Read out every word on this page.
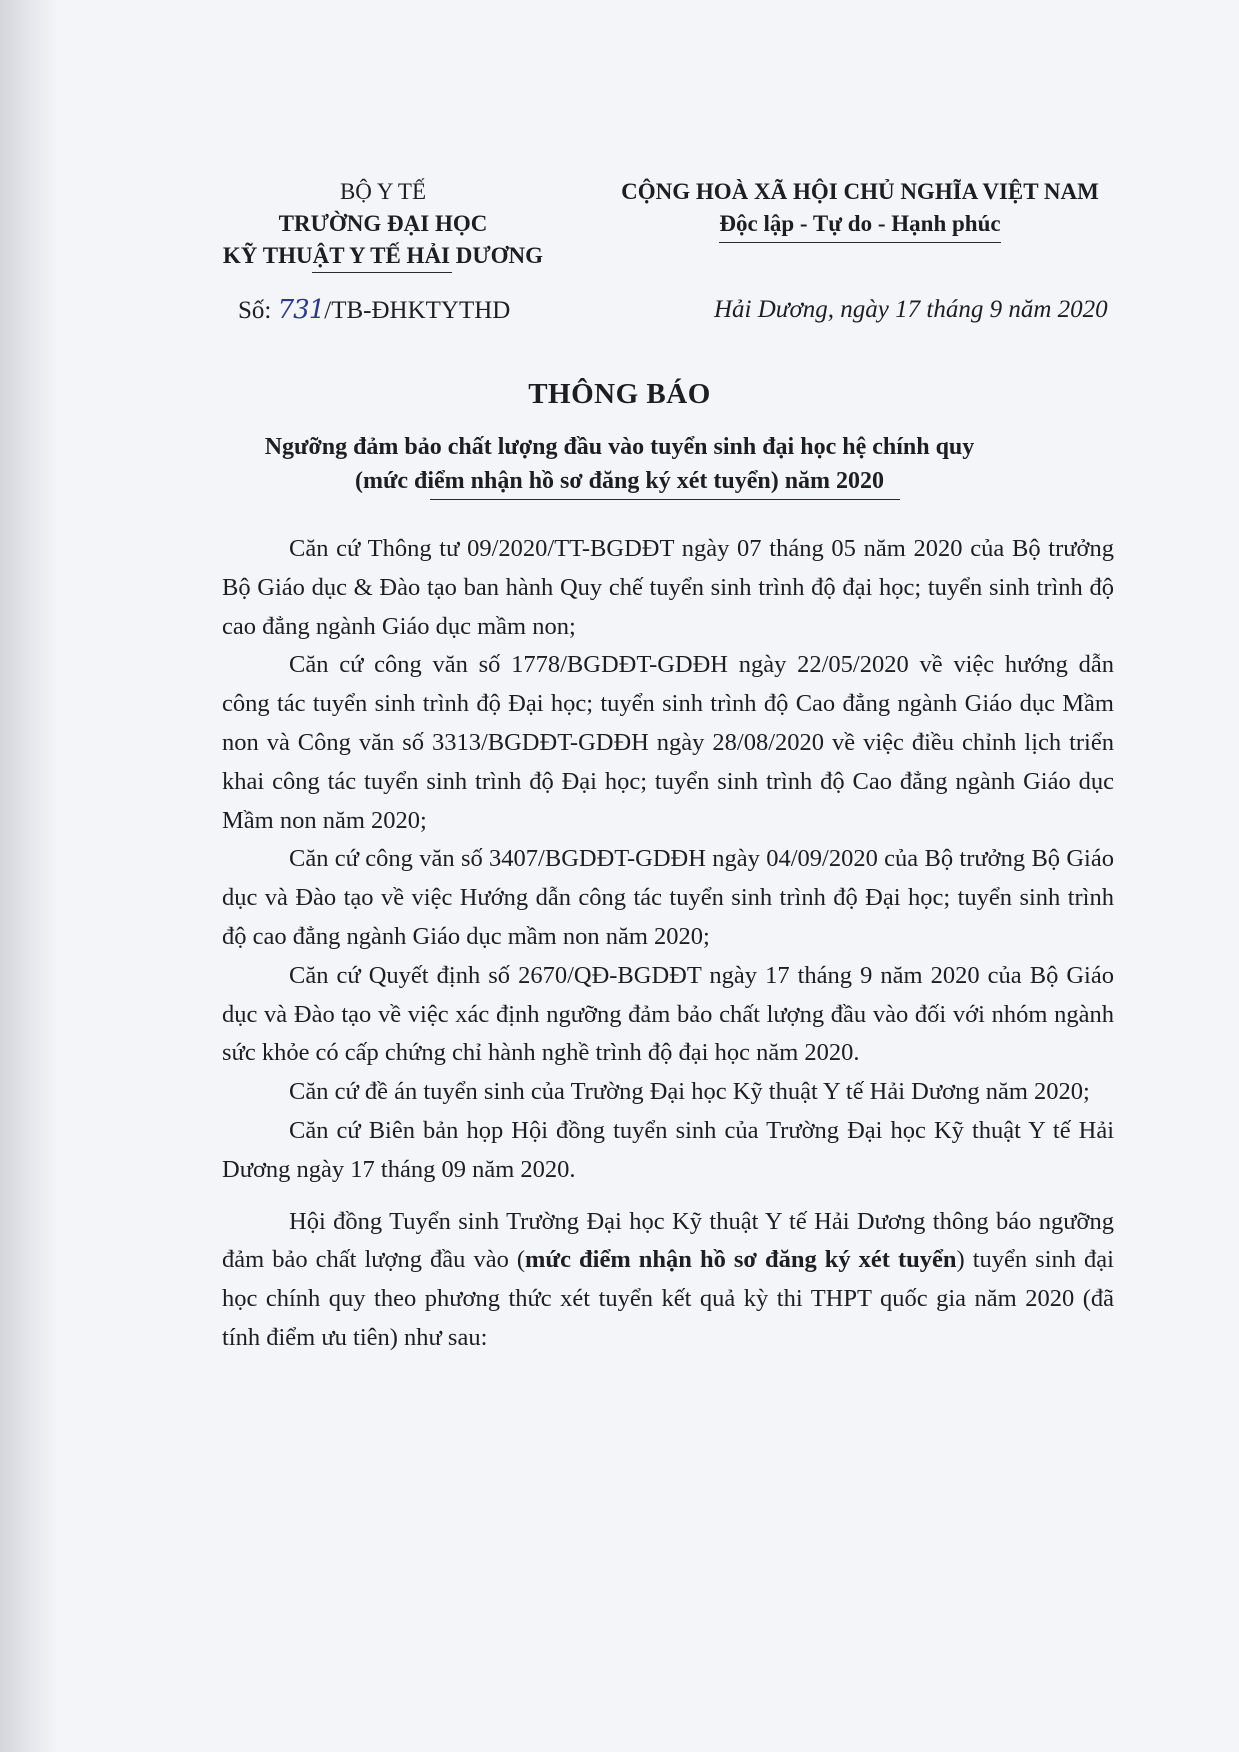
BỘ Y TẾ
TRƯỜNG ĐẠI HỌC
KỸ THUẬT Y TẾ HẢI DƯƠNG
CỘNG HOÀ XÃ HỘI CHỦ NGHĨA VIỆT NAM
Độc lập - Tự do - Hạnh phúc
Số: 731/TB-ĐHKTYTHD	Hải Dương, ngày 17 tháng 9 năm 2020
THÔNG BÁO
Ngưỡng đảm bảo chất lượng đầu vào tuyển sinh đại học hệ chính quy
(mức điểm nhận hồ sơ đăng ký xét tuyển) năm 2020

Căn cứ Thông tư 09/2020/TT-BGDĐT ngày 07 tháng 05 năm 2020 của Bộ trưởng Bộ Giáo dục & Đào tạo ban hành Quy chế tuyển sinh trình độ đại học; tuyển sinh trình độ cao đẳng ngành Giáo dục mầm non;

Căn cứ công văn số 1778/BGDĐT-GDĐH ngày 22/05/2020 về việc hướng dẫn công tác tuyển sinh trình độ Đại học; tuyển sinh trình độ Cao đẳng ngành Giáo dục Mầm non và Công văn số 3313/BGDĐT-GDĐH ngày 28/08/2020 về việc điều chỉnh lịch triển khai công tác tuyển sinh trình độ Đại học; tuyển sinh trình độ Cao đẳng ngành Giáo dục Mầm non năm 2020;

Căn cứ công văn số 3407/BGDĐT-GDĐH ngày 04/09/2020 của Bộ trưởng Bộ Giáo dục và Đào tạo về việc Hướng dẫn công tác tuyển sinh trình độ Đại học; tuyển sinh trình độ cao đẳng ngành Giáo dục mầm non năm 2020;

Căn cứ Quyết định số 2670/QĐ-BGDĐT ngày 17 tháng 9 năm 2020 của Bộ Giáo dục và Đào tạo về việc xác định ngưỡng đảm bảo chất lượng đầu vào đối với nhóm ngành sức khỏe có cấp chứng chỉ hành nghề trình độ đại học năm 2020.

Căn cứ đề án tuyển sinh của Trường Đại học Kỹ thuật Y tế Hải Dương năm 2020;

Căn cứ Biên bản họp Hội đồng tuyển sinh của Trường Đại học Kỹ thuật Y tế Hải Dương ngày 17 tháng 09 năm 2020.

Hội đồng Tuyển sinh Trường Đại học Kỹ thuật Y tế Hải Dương thông báo ngưỡng đảm bảo chất lượng đầu vào (mức điểm nhận hồ sơ đăng ký xét tuyển) tuyển sinh đại học chính quy theo phương thức xét tuyển kết quả kỳ thi THPT quốc gia năm 2020 (đã tính điểm ưu tiên) như sau:
